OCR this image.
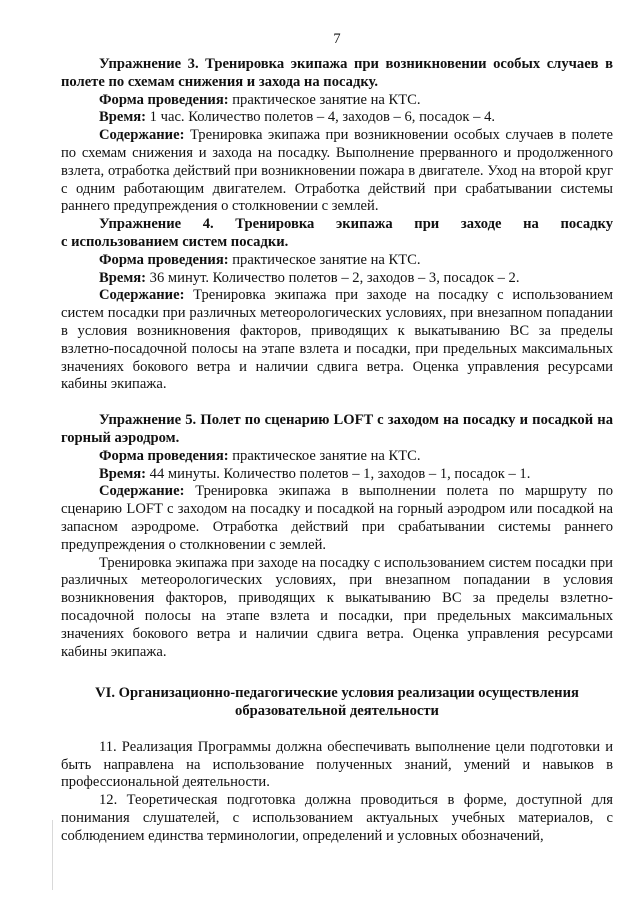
7

Упражнение 3. Тренировка экипажа при возникновении особых случаев в полете по схемам снижения и захода на посадку.

Форма проведения: практическое занятие на КТС.

Время: 1 час. Количество полетов – 4, заходов – 6, посадок – 4.

Содержание: Тренировка экипажа при возникновении особых случаев в полете по схемам снижения и захода на посадку. Выполнение прерванного и продолженного взлета, отработка действий при возникновении пожара в двигателе. Уход на второй круг с одним работающим двигателем. Отработка действий при срабатывании системы раннего предупреждения о столкновении с землей.

Упражнение 4. Тренировка экипажа при заходе на посадку

с использованием систем посадки.

Форма проведения: практическое занятие на КТС.

Время: 36 минут. Количество полетов – 2, заходов – 3, посадок – 2.

Содержание: Тренировка экипажа при заходе на посадку с использованием систем посадки при различных метеорологических условиях, при внезапном попадании в условия возникновения факторов, приводящих к выкатыванию ВС за пределы взлетно-посадочной полосы на этапе взлета и посадки, при предельных максимальных значениях бокового ветра и наличии сдвига ветра. Оценка управления ресурсами кабины экипажа.

Упражнение 5. Полет по сценарию LOFT с заходом на посадку и посадкой на горный аэродром.

Форма проведения: практическое занятие на КТС.

Время: 44 минуты. Количество полетов – 1, заходов – 1, посадок – 1.

Содержание: Тренировка экипажа в выполнении полета по маршруту по сценарию LOFT с заходом на посадку и посадкой на горный аэродром или посадкой на запасном аэродроме. Отработка действий при срабатывании системы раннего предупреждения о столкновении с землей.

Тренировка экипажа при заходе на посадку с использованием систем посадки при различных метеорологических условиях, при внезапном попадании в условия возникновения факторов, приводящих к выкатыванию ВС за пределы взлетно-посадочной полосы на этапе взлета и посадки, при предельных максимальных значениях бокового ветра и наличии сдвига ветра. Оценка управления ресурсами кабины экипажа.

VI. Организационно-педагогические условия реализации осуществления

образовательной деятельности

11. Реализация Программы должна обеспечивать выполнение цели подготовки и быть направлена на использование полученных знаний, умений и навыков в профессиональной деятельности.

12. Теоретическая подготовка должна проводиться в форме, доступной для понимания слушателей, с использованием актуальных учебных материалов, с соблюдением единства терминологии, определений и условных обозначений,
